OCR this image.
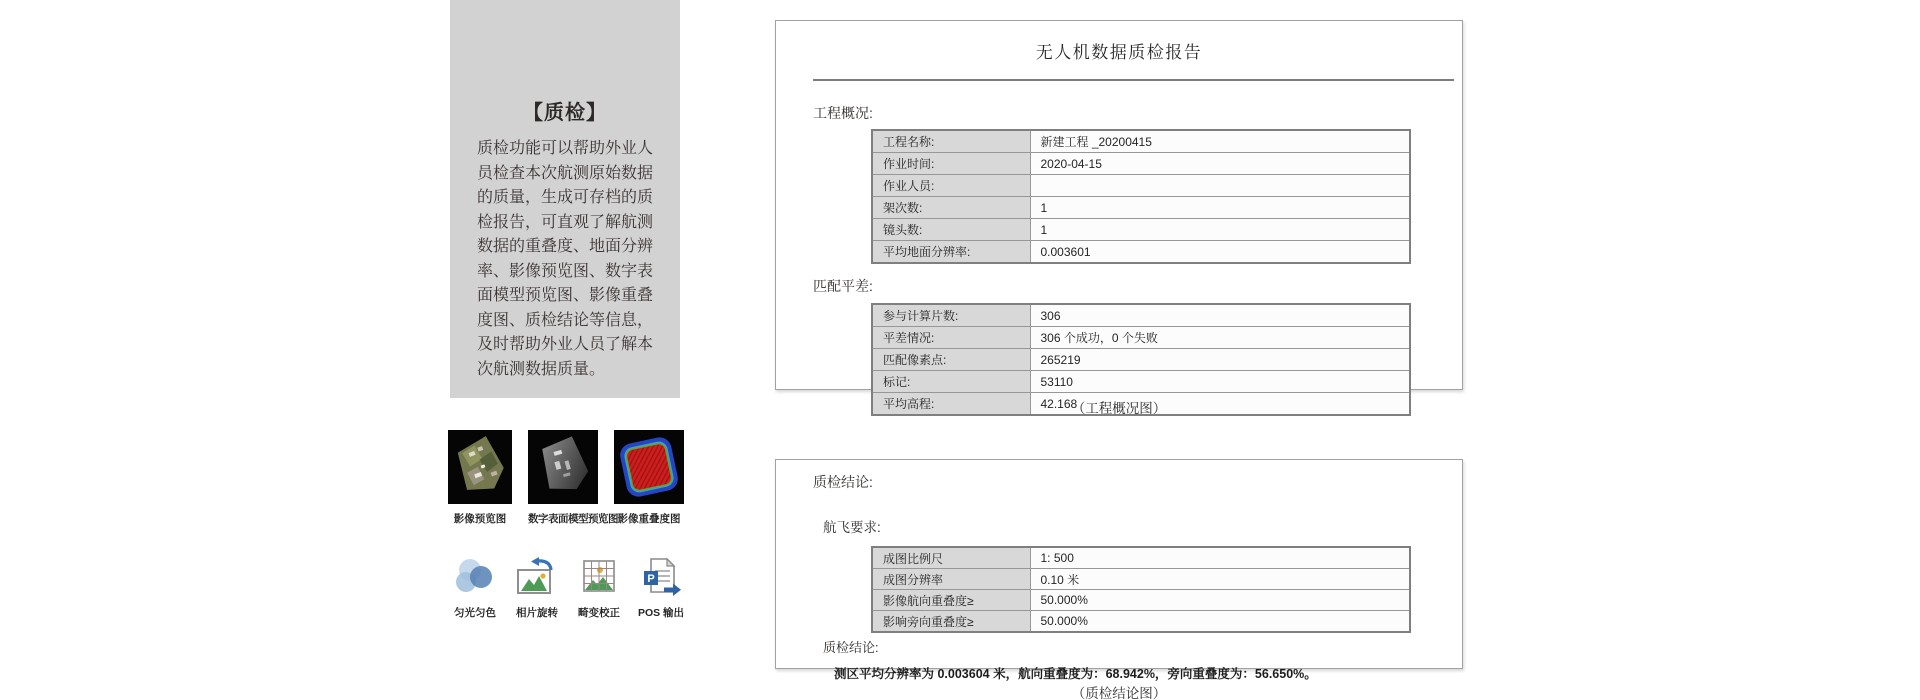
【质检】

质检功能可以帮助外业人员检查本次航测原始数据的质量，生成可存档的质检报告，可直观了解航测数据的重叠度、地面分辨率、影像预览图、数字表面模型预览图、影像重叠度图、质检结论等信息，及时帮助外业人员了解本次航测数据质量。

影像预览图	数字表面模型预览图 影像重叠度图
匀光匀色	相片旋转	畸变校正
P
POS 输出
无人机数据质检报告
工程概况:
工程名称:	新建工程 _20200415
作业时间:	2020-04-15
作业人员:	
架次数:	1
镜头数:	1
平均地面分辨率:	0.003601
匹配平差:
参与计算片数:	306
平差情况:	306 个成功，0 个失败
匹配像素点:	265219
标记:	53110
平均高程:	42.168
（工程概况图）
质检结论:
航飞要求:
成图比例尺	1: 500
成图分辨率	0.10 米
影像航向重叠度≥	50.000%
影响旁向重叠度≥	50.000%
质检结论:

测区平均分辨率为 0.003604 米，航向重叠度为：68.942%，旁向重叠度为：56.650%。

（质检结论图）
